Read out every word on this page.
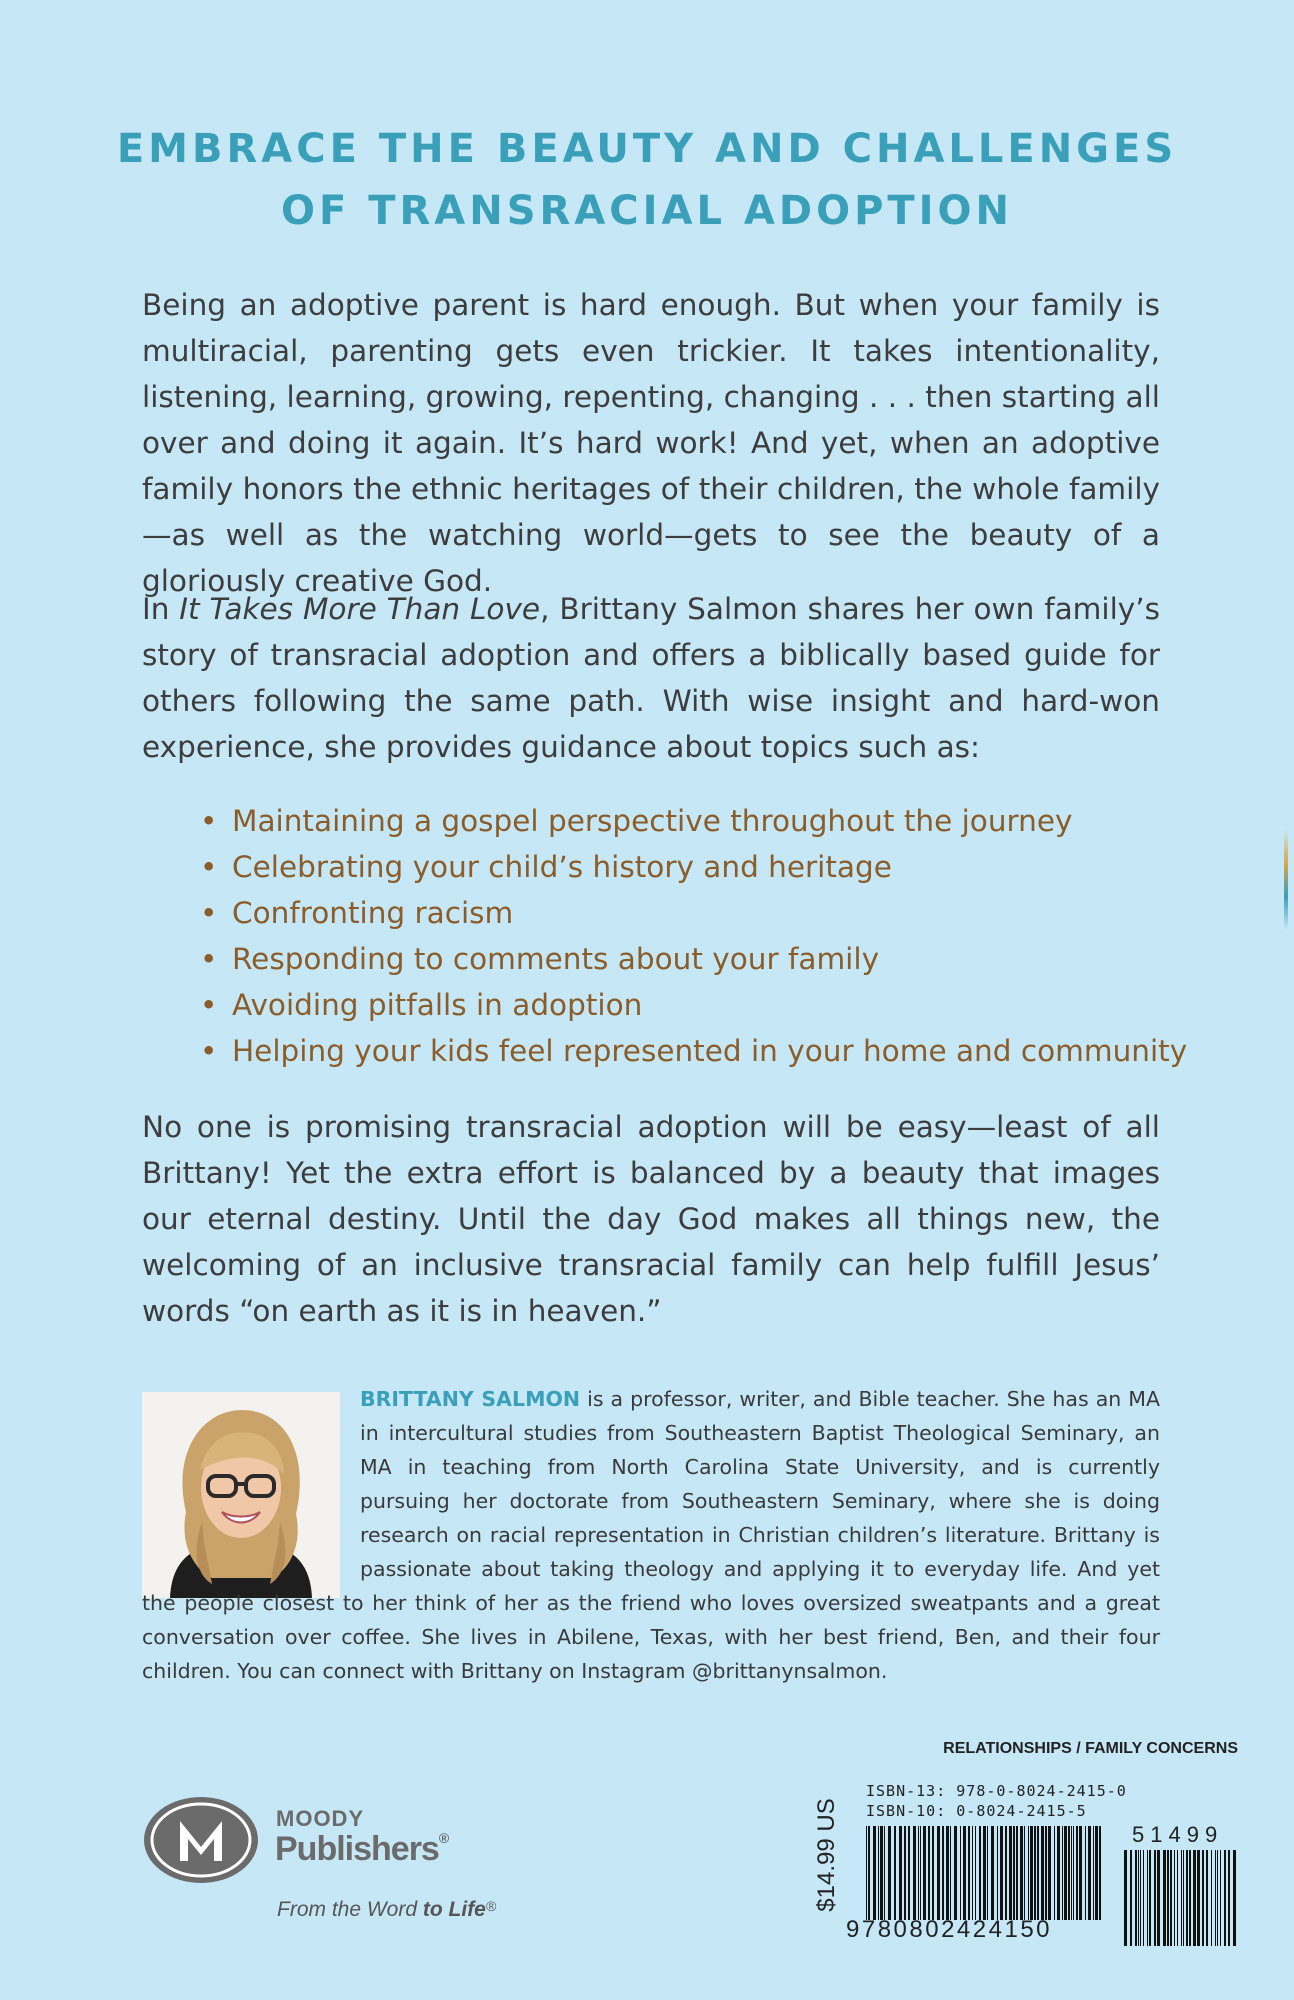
EMBRACE THE BEAUTY AND CHALLENGES
OF TRANSRACIAL ADOPTION
Being an adoptive parent is hard enough. But when your family is multiracial, parenting gets even trickier. It takes intentionality, listening, learning, growing, repenting, changing . . . then starting all over and doing it again. It’s hard work! And yet, when an adoptive family honors the ethnic heritages of their children, the whole family—as well as the watching world—gets to see the beauty of a gloriously creative God.
In It Takes More Than Love, Brittany Salmon shares her own family’s story of transracial adoption and offers a biblically based guide for others following the same path. With wise insight and hard-won experience, she provides guidance about topics such as:
• Maintaining a gospel perspective throughout the journey
• Celebrating your child’s history and heritage
• Confronting racism
• Responding to comments about your family
• Avoiding pitfalls in adoption
• Helping your kids feel represented in your home and community
No one is promising transracial adoption will be easy—least of all Brittany! Yet the extra effort is balanced by a beauty that images our eternal destiny. Until the day God makes all things new, the welcoming of an inclusive transracial family can help fulfill Jesus’ words “on earth as it is in heaven.”
BRITTANY SALMON is a professor, writer, and Bible teacher. She has an MA in intercultural studies from Southeastern Baptist Theological Seminary, an MA in teaching from North Carolina State University, and is currently pursuing her doctorate from Southeastern Seminary, where she is doing research on racial representation in Christian children’s literature. Brittany is passionate about taking theology and applying it to everyday life. And yet the people closest to her think of her as the friend who loves oversized sweatpants and a great conversation over coffee. She lives in Abilene, Texas, with her best friend, Ben, and their four children. You can connect with Brittany on Instagram @brittanynsalmon.
RELATIONSHIPS / FAMILY CONCERNS
MOODY
Publishers®
From the Word to Life®	$14.99 US
ISBN-13: 978-0-8024-2415-0
ISBN-10: 0-8024-2415-5
9780802424150
51499
